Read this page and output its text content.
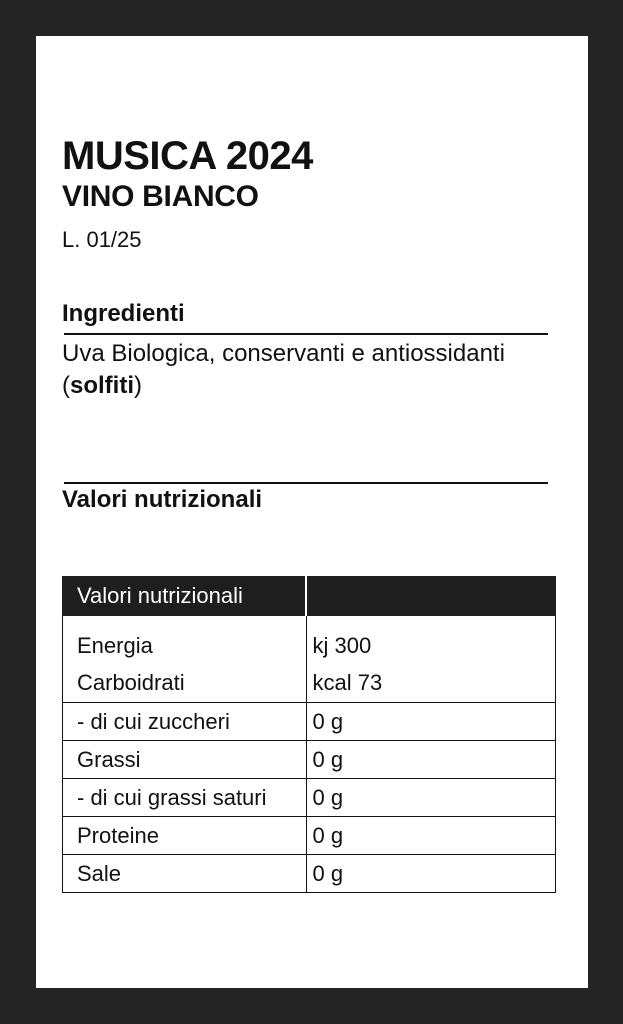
MUSICA 2024
VINO BIANCO
L. 01/25
Ingredienti
Uva Biologica, conservanti e antiossidanti (solfiti)
Valori nutrizionali
Valori nutrizionali	

Energia	kj 300
Carboidrati	kcal 73
- di cui zuccheri	0 g
Grassi	0 g
- di cui grassi saturi	0 g
Proteine	0 g
Sale	0 g
